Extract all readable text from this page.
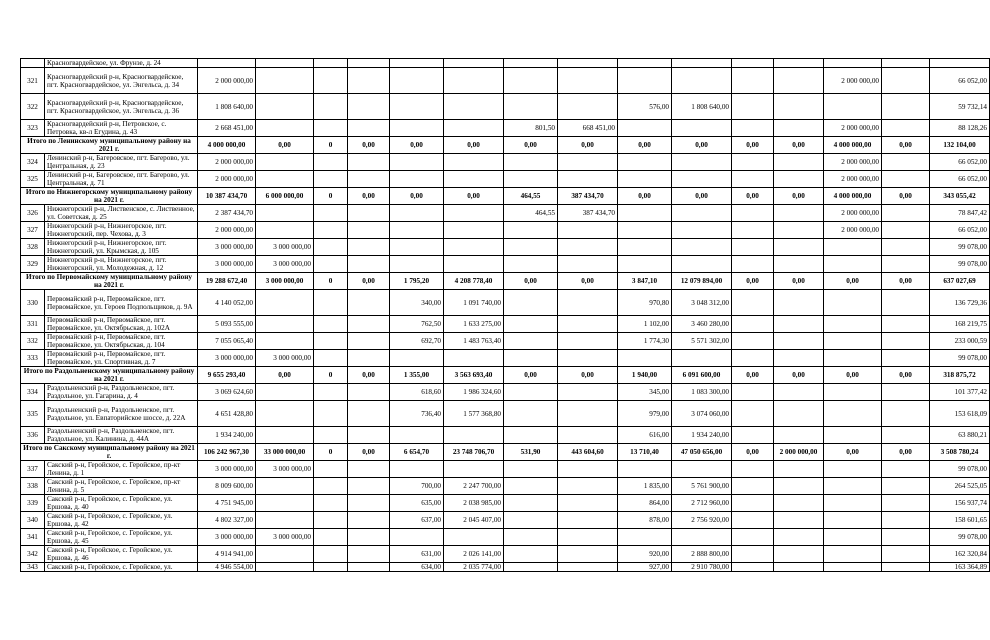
	Красногвардейское, ул. Фрунзе, д. 24															
321	Красногвардейский р-н, Красногвардейское, пгт. Красногвардейское, ул. Энгельса, д. 34	2 000 000,00												2 000 000,00		66 052,00
322	Красногвардейский р-н, Красногвардейское, пгт. Красногвардейское, ул. Энгельса, д. 36	1 808 640,00								576,00	1 808 640,00					59 732,14
323	Красногвардейский р-н, Петровское, с. Петровка, кв-л Егудина, д. 43	2 668 451,00						801,50	668 451,00					2 000 000,00		88 128,26
Итого по Ленинскому муниципальному району на 2021 г.		4 000 000,00	0,00	0	0,00	0,00	0,00	0,00	0,00	0,00	0,00	0,00	0,00	4 000 000,00	0,00	132 104,00
324	Ленинский р-н, Багеровское, пгт. Багерово, ул. Центральная, д. 23	2 000 000,00												2 000 000,00		66 052,00
325	Ленинский р-н, Багеровское, пгт. Багерово, ул. Центральная, д. 71	2 000 000,00												2 000 000,00		66 052,00
Итого по Нижнегорскому муниципальному району на 2021 г.		10 387 434,70	6 000 000,00	0	0,00	0,00	0,00	464,55	387 434,70	0,00	0,00	0,00	0,00	4 000 000,00	0,00	343 055,42
326	Нижнегорский р-н, Лиственское, с. Лиственное, ул. Советская, д. 25	2 387 434,70						464,55	387 434,70					2 000 000,00		78 847,42
327	Нижнегорский р-н, Нижнегорское, пгт. Нижнегорский, пер. Чехова, д. 3	2 000 000,00												2 000 000,00		66 052,00
328	Нижнегорский р-н, Нижнегорское, пгт. Нижнегорский, ул. Крымская, д. 105	3 000 000,00	3 000 000,00													99 078,00
329	Нижнегорский р-н, Нижнегорское, пгт. Нижнегорский, ул. Молодежная, д. 12	3 000 000,00	3 000 000,00													99 078,00
Итого по Первомайскому муниципальному району на 2021 г.		19 288 672,40	3 000 000,00	0	0,00	1 795,20	4 208 778,40	0,00	0,00	3 847,10	12 079 894,00	0,00	0,00	0,00	0,00	637 027,69
330	Первомайский р-н, Первомайское, пгт. Первомайское, ул. Героев Подпольщиков, д. 9А	4 140 052,00				340,00	1 091 740,00			970,80	3 048 312,00					136 729,36
331	Первомайский р-н, Первомайское, пгт. Первомайское, ул. Октябрьская, д. 102А	5 093 555,00				762,50	1 633 275,00			1 102,00	3 460 280,00					168 219,75
332	Первомайский р-н, Первомайское, пгт. Первомайское, ул. Октябрьская, д. 104	7 055 065,40				692,70	1 483 763,40			1 774,30	5 571 302,00					233 000,59
333	Первомайский р-н, Первомайское, пгт. Первомайское, ул. Спортивная, д. 7	3 000 000,00	3 000 000,00													99 078,00
Итого по Раздольненскому муниципальному району на 2021 г.		9 655 293,40	0,00	0	0,00	1 355,00	3 563 693,40	0,00	0,00	1 940,00	6 091 600,00	0,00	0,00	0,00	0,00	318 875,72
334	Раздольненский р-н, Раздольненское, пгт. Раздольное, ул. Гагарина, д. 4	3 069 624,60				618,60	1 986 324,60			345,00	1 083 300,00					101 377,42
335	Раздольненский р-н, Раздольненское, пгт. Раздольное, ул. Евпаторийское шоссе, д. 22А	4 651 428,80				736,40	1 577 368,80			979,00	3 074 060,00					153 618,09
336	Раздольненский р-н, Раздольненское, пгт. Раздольное, ул. Калинина, д. 44А	1 934 240,00								616,00	1 934 240,00					63 880,21
Итого по Сакскому муниципальному району на 2021 г.		106 242 967,30	33 000 000,00	0	0,00	6 654,70	23 748 706,70	531,90	443 604,60	13 710,40	47 050 656,00	0,00	2 000 000,00	0,00	0,00	3 508 780,24
337	Сакский р-н, Геройское, с. Геройское, пр-кт Ленина, д. 1	3 000 000,00	3 000 000,00													99 078,00
338	Сакский р-н, Геройское, с. Геройское, пр-кт Ленина, д. 5	8 009 600,00				700,00	2 247 700,00			1 835,00	5 761 900,00					264 525,05
339	Сакский р-н, Геройское, с. Геройское, ул. Ершова, д. 40	4 751 945,00				635,00	2 038 985,00			864,00	2 712 960,00					156 937,74
340	Сакский р-н, Геройское, с. Геройское, ул. Ершова, д. 42	4 802 327,00				637,00	2 045 407,00			878,00	2 756 920,00					158 601,65
341	Сакский р-н, Геройское, с. Геройское, ул. Ершова, д. 45	3 000 000,00	3 000 000,00													99 078,00
342	Сакский р-н, Геройское, с. Геройское, ул. Ершова, д. 46	4 914 941,00				631,00	2 026 141,00			920,00	2 888 800,00					162 320,84
343	Сакский р-н, Геройское, с. Геройское, ул.	4 946 554,00				634,00	2 035 774,00			927,00	2 910 780,00					163 364,89
